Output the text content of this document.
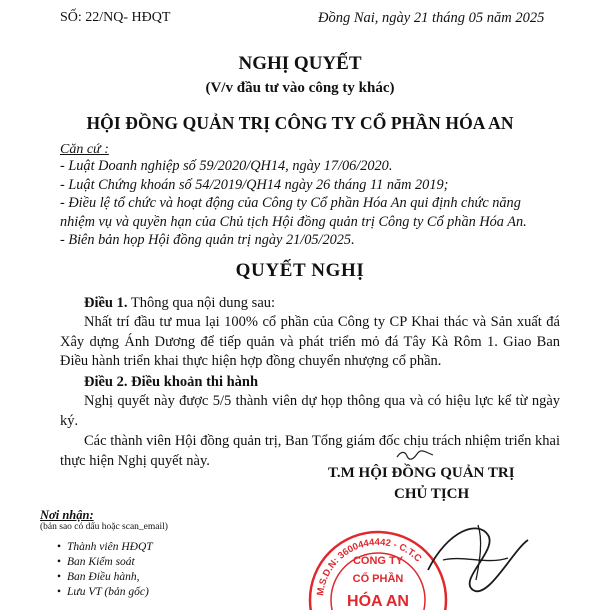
SỐ: 22/NQ- HĐQT	Đồng Nai, ngày 21 tháng 05 năm 2025
NGHỊ QUYẾT
(V/v đầu tư vào công ty khác)
HỘI ĐỒNG QUẢN TRỊ CÔNG TY CỔ PHẦN HÓA AN
Căn cứ :
- Luật Doanh nghiệp số 59/2020/QH14, ngày 17/06/2020.
- Luật Chứng khoán số 54/2019/QH14 ngày 26 tháng 11 năm 2019;
- Điều lệ tổ chức và hoạt động của Công ty Cổ phần Hóa An qui định chức năng
nhiệm vụ và quyền hạn của Chủ tịch Hội đồng quản trị Công ty Cổ phần Hóa An.
- Biên bản họp Hội đồng quản trị ngày 21/05/2025.
QUYẾT NGHỊ

Điều 1. Thông qua nội dung sau:

Nhất trí đầu tư mua lại 100% cổ phần của Công ty CP Khai thác và Sản xuất đá Xây dựng Ánh Dương để tiếp quản và phát triển mỏ đá Tây Kà Rôm 1. Giao Ban Điều hành triển khai thực hiện hợp đồng chuyển nhượng cổ phần.

Điều 2. Điều khoản thi hành

Nghị quyết này được 5/5 thành viên dự họp thông qua và có hiệu lực kể từ ngày ký.

Các thành viên Hội đồng quản trị, Ban Tổng giám đốc chịu trách nhiệm triển khai thực hiện Nghị quyết này.

T.M HỘI ĐỒNG QUẢN TRỊ
CHỦ TỊCH
M.S.D.N: 3600444442 - C.T.C
CÔNG TY
CỔ PHẦN
HÓA AN
Nơi nhận:
(bản sao có dấu hoặc scan_email)
• Thành viên HĐQT
• Ban Kiểm soát
• Ban Điều hành,
• Lưu VT (bản gốc)
